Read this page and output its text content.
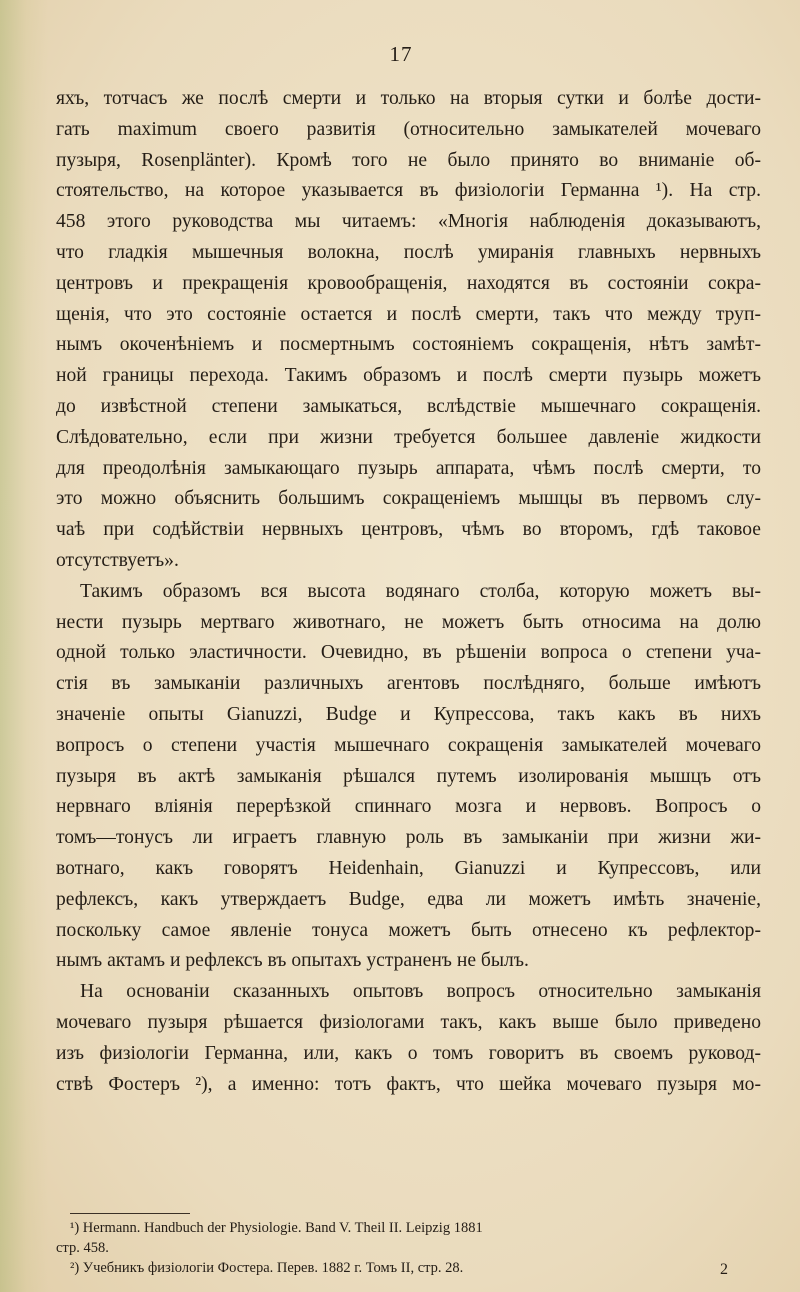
17
яхъ, тотчасъ же послѣ смерти и только на вторыя сутки и болѣе дости-
гать maximum своего развитія (относительно замыкателей мочеваго
пузыря, Rosenplänter). Кромѣ того не было принято во вниманіе об-
стоятельство, на которое указывается въ физіологіи Германна ¹). На стр.
458 этого руководства мы читаемъ: «Многія наблюденія доказываютъ,
что гладкія мышечныя волокна, послѣ умиранія главныхъ нервныхъ
центровъ и прекращенія кровообращенія, находятся въ состояніи сокра-
щенія, что это состояніе остается и послѣ смерти, такъ что между труп-
нымъ окоченѣніемъ и посмертнымъ состояніемъ сокращенія, нѣтъ замѣт-
ной границы перехода. Такимъ образомъ и послѣ смерти пузырь можетъ
до извѣстной степени замыкаться, вслѣдствіе мышечнаго сокращенія.
Слѣдовательно, если при жизни требуется большее давленіе жидкости
для преодолѣнія замыкающаго пузырь аппарата, чѣмъ послѣ смерти, то
это можно объяснить большимъ сокращеніемъ мышцы въ первомъ слу-
чаѣ при содѣйствіи нервныхъ центровъ, чѣмъ во второмъ, гдѣ таковое
отсутствуетъ».
Такимъ образомъ вся высота водянаго столба, которую можетъ вы-
нести пузырь мертваго животнаго, не можетъ быть относима на долю
одной только эластичности. Очевидно, въ рѣшеніи вопроса о степени уча-
стія въ замыканіи различныхъ агентовъ послѣдняго, больше имѣютъ
значеніе опыты Gianuzzi, Budge и Купрессова, такъ какъ въ нихъ
вопросъ о степени участія мышечнаго сокращенія замыкателей мочеваго
пузыря въ актѣ замыканія рѣшался путемъ изолированія мышцъ отъ
нервнаго вліянія перерѣзкой спиннаго мозга и нервовъ. Вопросъ о
томъ—тонусъ ли играетъ главную роль въ замыканіи при жизни жи-
вотнаго, какъ говорятъ Heidenhain, Gianuzzi и Купрессовъ, или
рефлексъ, какъ утверждаетъ Budge, едва ли можетъ имѣть значеніе,
поскольку самое явленіе тонуса можетъ быть отнесено къ рефлектор-
нымъ актамъ и рефлексъ въ опытахъ устраненъ не былъ.
На основаніи сказанныхъ опытовъ вопросъ относительно замыканія
мочеваго пузыря рѣшается физіологами такъ, какъ выше было приведено
изъ физіологіи Германна, или, какъ о томъ говоритъ въ своемъ руковод-
ствѣ Фостеръ ²), а именно: тотъ фактъ, что шейка мочеваго пузыря мо-
¹) Hermann. Handbuch der Physiologie. Band V. Theil II. Leipzig 1881
стр. 458.
²) Учебникъ физіологіи Фостера. Перев. 1882 г. Томъ II, стр. 28.	2
